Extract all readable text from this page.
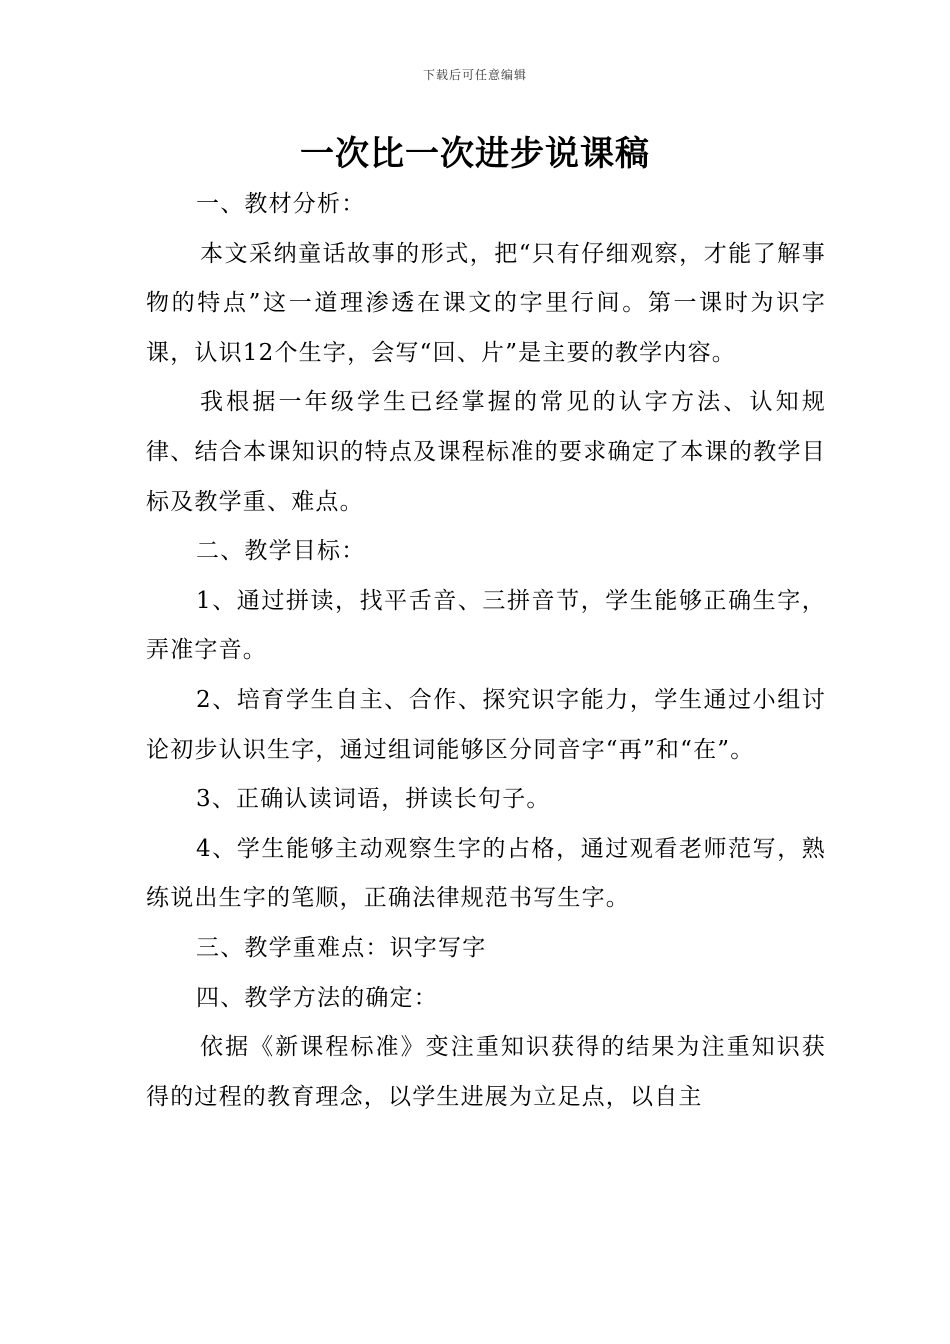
下载后可任意编辑
一次比一次进步说课稿

一、教材分析：

本文采纳童话故事的形式，把“只有仔细观察，才能了解事物的特点”这一道理渗透在课文的字里行间。第一课时为识字课，认识12个生字，会写“回、片”是主要的教学内容。

我根据一年级学生已经掌握的常见的认字方法、认知规律、结合本课知识的特点及课程标准的要求确定了本课的教学目标及教学重、难点。

二、教学目标：

1、通过拼读，找平舌音、三拼音节，学生能够正确生字，弄准字音。

2、培育学生自主、合作、探究识字能力，学生通过小组讨论初步认识生字，通过组词能够区分同音字“再”和“在”。

3、正确认读词语，拼读长句子。

4、学生能够主动观察生字的占格，通过观看老师范写，熟练说出生字的笔顺，正确法律规范书写生字。

三、教学重难点：识字写字

四、教学方法的确定：

依据《新课程标准》变注重知识获得的结果为注重知识获得的过程的教育理念，以学生进展为立足点，以自主
